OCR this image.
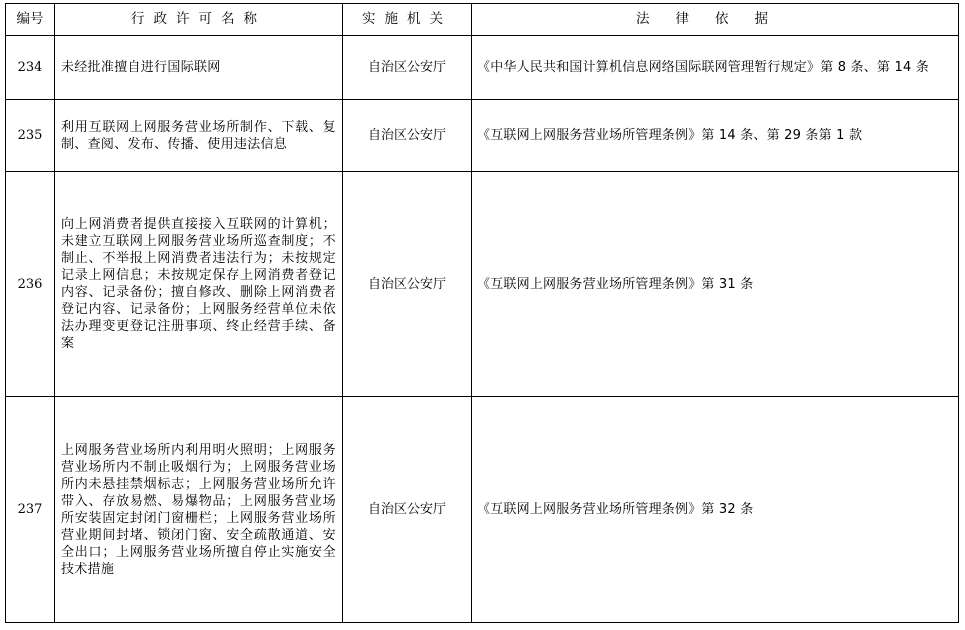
编号	行政许可名称	实施机关	法律依据
234	未经批准擅自进行国际联网	自治区公安厅	《中华人民共和国计算机信息网络国际联网管理暂行规定》第 8 条、第 14 条

235	利用互联网上网服务营业场所制作、下载、复制、查阅、发布、传播、使用违法信息	自治区公安厅	《互联网上网服务营业场所管理条例》第 14 条、第 29 条第 1 款

236	向上网消费者提供直接接入互联网的计算机；未建立互联网上网服务营业场所巡查制度；不制止、不举报上网消费者违法行为；未按规定记录上网信息；未按规定保存上网消费者登记内容、记录备份；擅自修改、删除上网消费者登记内容、记录备份；上网服务经营单位未依法办理变更登记注册事项、终止经营手续、备案	自治区公安厅	《互联网上网服务营业场所管理条例》第 31 条

237	上网服务营业场所内利用明火照明；上网服务营业场所内不制止吸烟行为；上网服务营业场所内未悬挂禁烟标志；上网服务营业场所允许带入、存放易燃、易爆物品；上网服务营业场所安装固定封闭门窗栅栏；上网服务营业场所营业期间封堵、锁闭门窗、安全疏散通道、安全出口；上网服务营业场所擅自停止实施安全技术措施	自治区公安厅	《互联网上网服务营业场所管理条例》第 32 条
